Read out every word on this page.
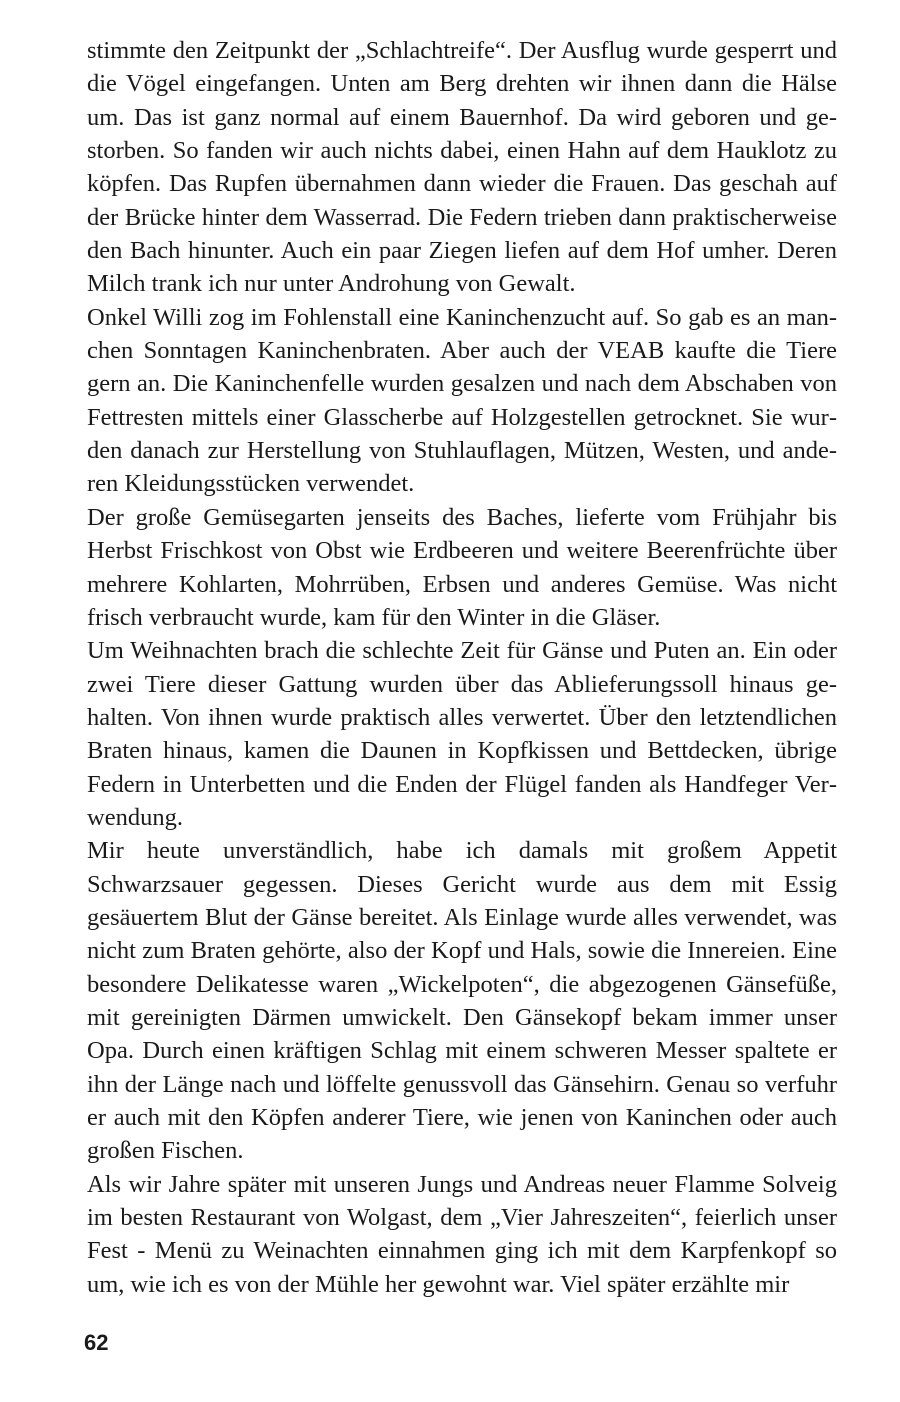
stimmte den Zeitpunkt der „Schlachtreife“. Der Ausflug wurde gesperrt und die Vögel eingefangen. Unten am Berg drehten wir ihnen dann die Hälse um. Das ist ganz normal auf einem Bauernhof. Da wird geboren und gestorben. So fanden wir auch nichts dabei, einen Hahn auf dem Hauklotz zu köpfen. Das Rupfen übernahmen dann wieder die Frauen. Das geschah auf der Brücke hinter dem Wasserrad. Die Federn trieben dann praktischerweise den Bach hinunter. Auch ein paar Ziegen liefen auf dem Hof umher. Deren Milch trank ich nur unter Androhung von Gewalt.

Onkel Willi zog im Fohlenstall eine Kaninchenzucht auf. So gab es an manchen Sonntagen Kaninchenbraten. Aber auch der VEAB kaufte die Tiere gern an. Die Kaninchenfelle wurden gesalzen und nach dem Abschaben von Fettresten mittels einer Glasscherbe auf Holzgestellen getrocknet. Sie wurden danach zur Herstellung von Stuhlauflagen, Mützen, Westen, und anderen Kleidungsstücken verwendet.

Der große Gemüsegarten jenseits des Baches, lieferte vom Frühjahr bis Herbst Frischkost von Obst wie Erdbeeren und weitere Beerenfrüchte über mehrere Kohlarten, Mohrrüben, Erbsen und anderes Gemüse. Was nicht frisch verbraucht wurde, kam für den Winter in die Gläser.

Um Weihnachten brach die schlechte Zeit für Gänse und Puten an. Ein oder zwei Tiere dieser Gattung wurden über das Ablieferungssoll hinaus gehalten. Von ihnen wurde praktisch alles verwertet. Über den letztendlichen Braten hinaus, kamen die Daunen in Kopfkissen und Bettdecken, übrige Federn in Unterbetten und die Enden der Flügel fanden als Handfeger Verwendung.

Mir heute unverständlich, habe ich damals mit großem Appetit Schwarzsauer gegessen. Dieses Gericht wurde aus dem mit Essig gesäuertem Blut der Gänse bereitet. Als Einlage wurde alles verwendet, was nicht zum Braten gehörte, also der Kopf und Hals, sowie die Innereien. Eine besondere Delikatesse waren „Wickelpoten“, die abgezogenen Gänsefüße, mit gereinigten Därmen umwickelt. Den Gänsekopf bekam immer unser Opa. Durch einen kräftigen Schlag mit einem schweren Messer spaltete er ihn der Länge nach und löffelte genussvoll das Gänsehirn. Genau so verfuhr er auch mit den Köpfen anderer Tiere, wie jenen von Kaninchen oder auch großen Fischen.

Als wir Jahre später mit unseren Jungs und Andreas neuer Flamme Solveig im besten Restaurant von Wolgast, dem „Vier Jahreszeiten“, feierlich unser Fest - Menü zu Weinachten einnahmen ging ich mit dem Karpfenkopf so um, wie ich es von der Mühle her gewohnt war. Viel später erzählte mir

62
